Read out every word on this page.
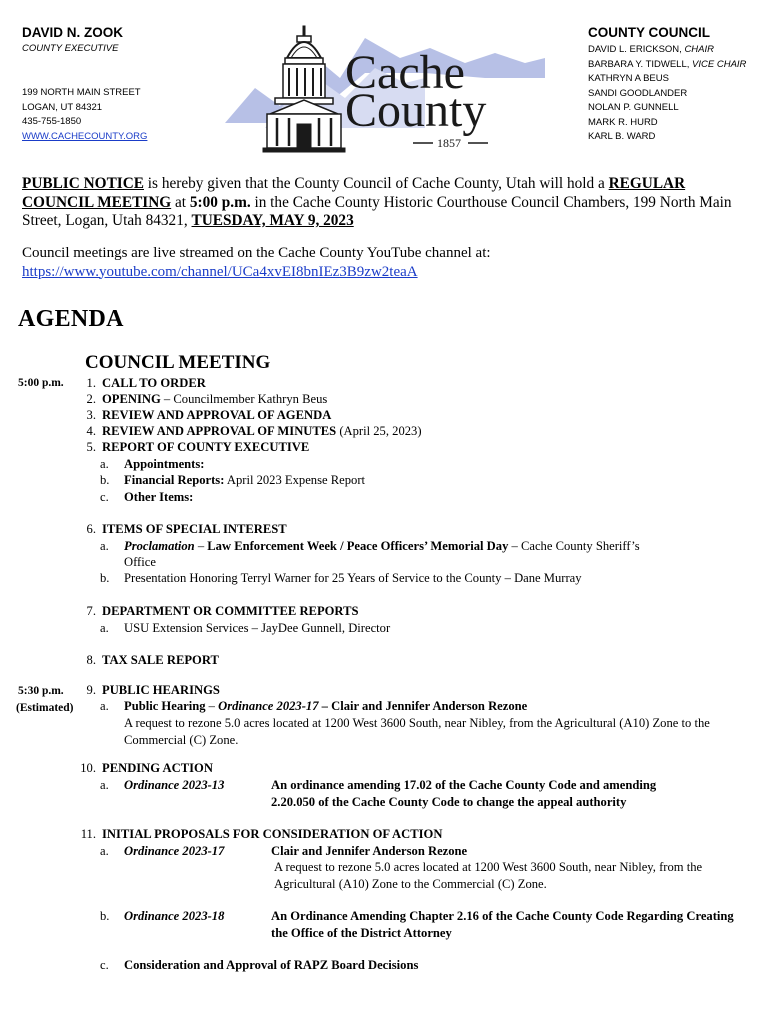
DAVID N. ZOOK
COUNTY EXECUTIVE
199 NORTH MAIN STREET
LOGAN, UT 84321
435-755-1850
WWW.CACHECOUNTY.ORG
Cache
County
1857
COUNTY COUNCIL
DAVID L. ERICKSON, CHAIR
BARBARA Y. TIDWELL, VICE CHAIR
KATHRYN A BEUS
SANDI GOODLANDER
NOLAN P. GUNNELL
MARK R. HURD
KARL B. WARD
PUBLIC NOTICE is hereby given that the County Council of Cache County, Utah will hold a REGULAR COUNCIL MEETING at 5:00 p.m. in the Cache County Historic Courthouse Council Chambers, 199 North Main Street, Logan, Utah 84321, TUESDAY, MAY 9, 2023
Council meetings are live streamed on the Cache County YouTube channel at:
https://www.youtube.com/channel/UCa4xvEI8bnIEz3B9zw2teaA
AGENDA
COUNCIL MEETING
5:00 p.m.
5:30 p.m.
(Estimated)
1. CALL TO ORDER
2. OPENING – Councilmember Kathryn Beus
3. REVIEW AND APPROVAL OF AGENDA
4. REVIEW AND APPROVAL OF MINUTES (April 25, 2023)
5. REPORT OF COUNTY EXECUTIVE
a. Appointments:
b. Financial Reports: April 2023 Expense Report
c. Other Items:
6. ITEMS OF SPECIAL INTEREST
a. Proclamation – Law Enforcement Week / Peace Officers’ Memorial Day – Cache County Sheriff’s
Office
b. Presentation Honoring Terryl Warner for 25 Years of Service to the County – Dane Murray
7. DEPARTMENT OR COMMITTEE REPORTS
a. USU Extension Services – JayDee Gunnell, Director
8. TAX SALE REPORT
9. PUBLIC HEARINGS
a. Public Hearing – Ordinance 2023-17 – Clair and Jennifer Anderson Rezone
A request to rezone 5.0 acres located at 1200 West 3600 South, near Nibley, from the Agricultural (A10) Zone to the Commercial (C) Zone.
10. PENDING ACTION
a. Ordinance 2023-13	An ordinance amending 17.02 of the Cache County Code and amending 2.20.050 of the Cache County Code to change the appeal authority
11. INITIAL PROPOSALS FOR CONSIDERATION OF ACTION
a. Ordinance 2023-17	Clair and Jennifer Anderson Rezone
A request to rezone 5.0 acres located at 1200 West 3600 South, near Nibley, from the Agricultural (A10) Zone to the Commercial (C) Zone.
b. Ordinance 2023-18	An Ordinance Amending Chapter 2.16 of the Cache County Code Regarding Creating the Office of the District Attorney
c. Consideration and Approval of RAPZ Board Decisions
